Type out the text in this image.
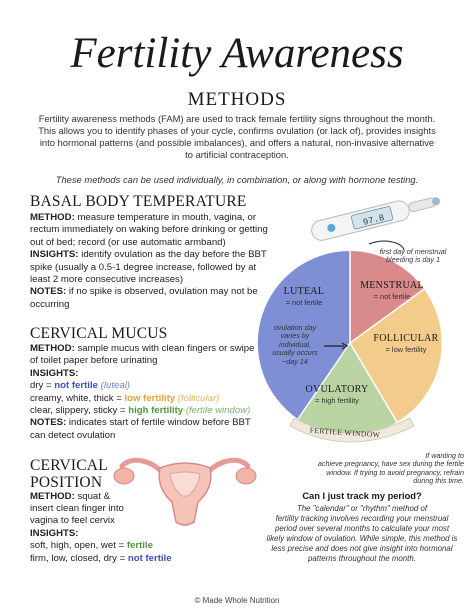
Fertility Awareness
METHODS
Fertility awareness methods (FAM) are used to track female fertility signs throughout the month.
This allows you to identify phases of your cycle, confirms ovulation (or lack of), provides insights
into hormonal patterns (and possible imbalances), and offers a natural, non-invasive alternative
to artificial contraception.
These methods can be used individually, in combination, or along with hormone testing.
97.8
BASAL BODY TEMPERATURE
METHOD: measure temperature in mouth, vagina, or rectum immediately on waking before drinking or getting out of bed; record (or use automatic armband)
INSIGHTS: identify ovulation as the day before the BBT spike (usually a 0.5-1 degree increase, followed by at least 2 more consecutive increases)
NOTES: if no spike is observed, ovulation may not be occurring
CERVICAL MUCUS
METHOD: sample mucus with clean fingers or swipe of toilet paper before urinating
INSIGHTS:
dry = not fertile (luteal)
creamy, white, thick = low fertility (follicular)
clear, slippery, sticky = high fertility (fertile window)
NOTES: indicates start of fertile window before BBT can detect ovulation
CERVICAL
POSITION
METHOD: squat &
insert clean finger into
vagina to feel cervix
INSIGHTS:
soft, high, open, wet = fertile
firm, low, closed, dry = not fertile
first day of menstrual
bleeding is day 1
MENSTRUAL
= not fertile
FOLLICULAR
= low fertility
LUTEAL
= not fertile
ovulation day
varies by
individual,
usually occurs
~day 14
OVULATORY
= high fertility
FERTILE WINDOW
If wanting to
achieve pregnancy, have sex during the fertile
window. If trying to avoid pregnancy, refrain
during this time.
Can I just track my period?
The "calendar" or "rhythm" method of
fertility tracking involves recording your menstrual
period over several months to calculate your most
likely window of ovulation. While simple, this method is
less precise and does not give insight into hormonal
patterns throughout the month.
© Made Whole Nutrition
